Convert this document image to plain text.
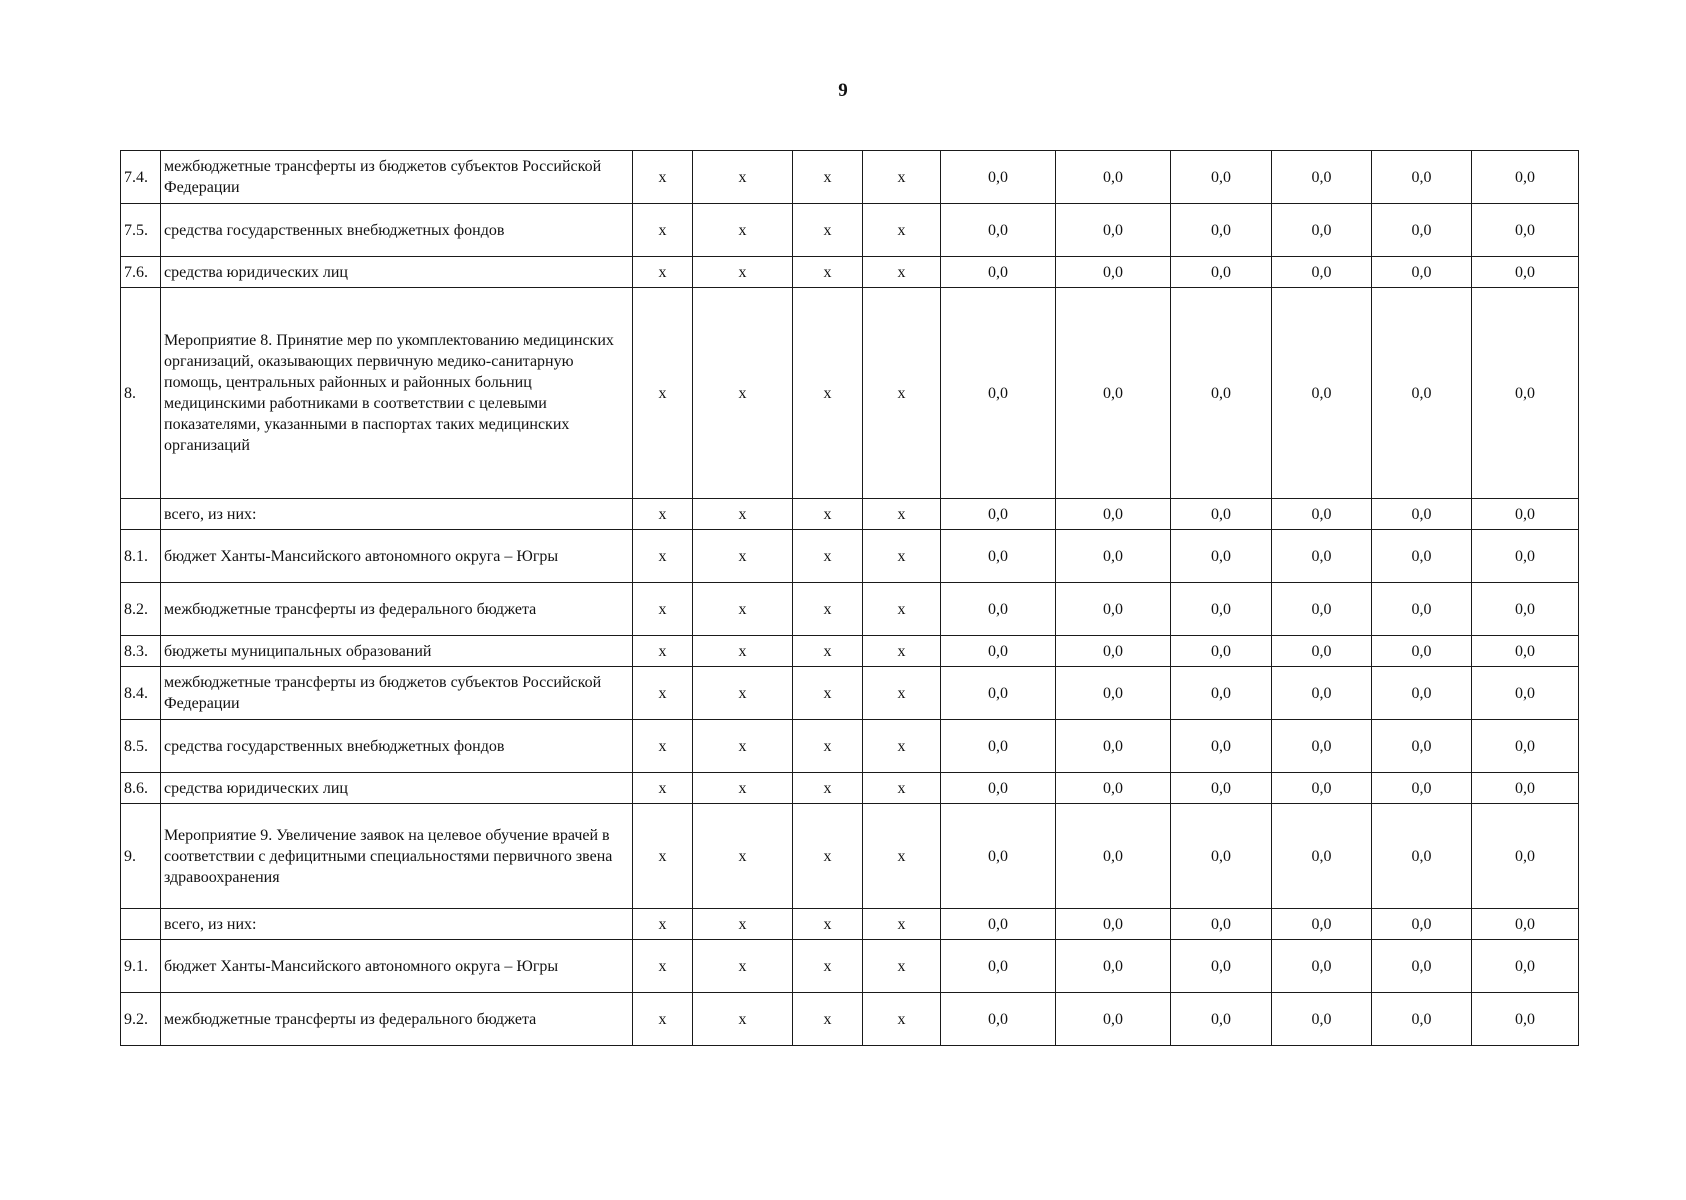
9
7.4.	межбюджетные трансферты из бюджетов субъектов Российской Федерации	х	х	х	х	0,0	0,0	0,0	0,0	0,0	0,0
7.5.	средства государственных внебюджетных фондов	х	х	х	х	0,0	0,0	0,0	0,0	0,0	0,0
7.6.	средства юридических лиц	х	х	х	х	0,0	0,0	0,0	0,0	0,0	0,0
8.	Мероприятие 8. Принятие мер по укомплектованию медицинских организаций, оказывающих первичную медико-санитарную помощь, центральных районных и районных больниц медицинскими работниками в соответствии с целевыми показателями, указанными в паспортах таких медицинских организаций	х	х	х	х	0,0	0,0	0,0	0,0	0,0	0,0
	всего, из них:	х	х	х	х	0,0	0,0	0,0	0,0	0,0	0,0
8.1.	бюджет Ханты-Мансийского автономного округа – Югры	х	х	х	х	0,0	0,0	0,0	0,0	0,0	0,0
8.2.	межбюджетные трансферты из федерального бюджета	х	х	х	х	0,0	0,0	0,0	0,0	0,0	0,0
8.3.	бюджеты муниципальных образований	х	х	х	х	0,0	0,0	0,0	0,0	0,0	0,0
8.4.	межбюджетные трансферты из бюджетов субъектов Российской Федерации	х	х	х	х	0,0	0,0	0,0	0,0	0,0	0,0
8.5.	средства государственных внебюджетных фондов	х	х	х	х	0,0	0,0	0,0	0,0	0,0	0,0
8.6.	средства юридических лиц	х	х	х	х	0,0	0,0	0,0	0,0	0,0	0,0
9.	Мероприятие 9. Увеличение заявок на целевое обучение врачей в соответствии с дефицитными специальностями первичного звена здравоохранения	х	х	х	х	0,0	0,0	0,0	0,0	0,0	0,0
	всего, из них:	х	х	х	х	0,0	0,0	0,0	0,0	0,0	0,0
9.1.	бюджет Ханты-Мансийского автономного округа – Югры	х	х	х	х	0,0	0,0	0,0	0,0	0,0	0,0
9.2.	межбюджетные трансферты из федерального бюджета	х	х	х	х	0,0	0,0	0,0	0,0	0,0	0,0
